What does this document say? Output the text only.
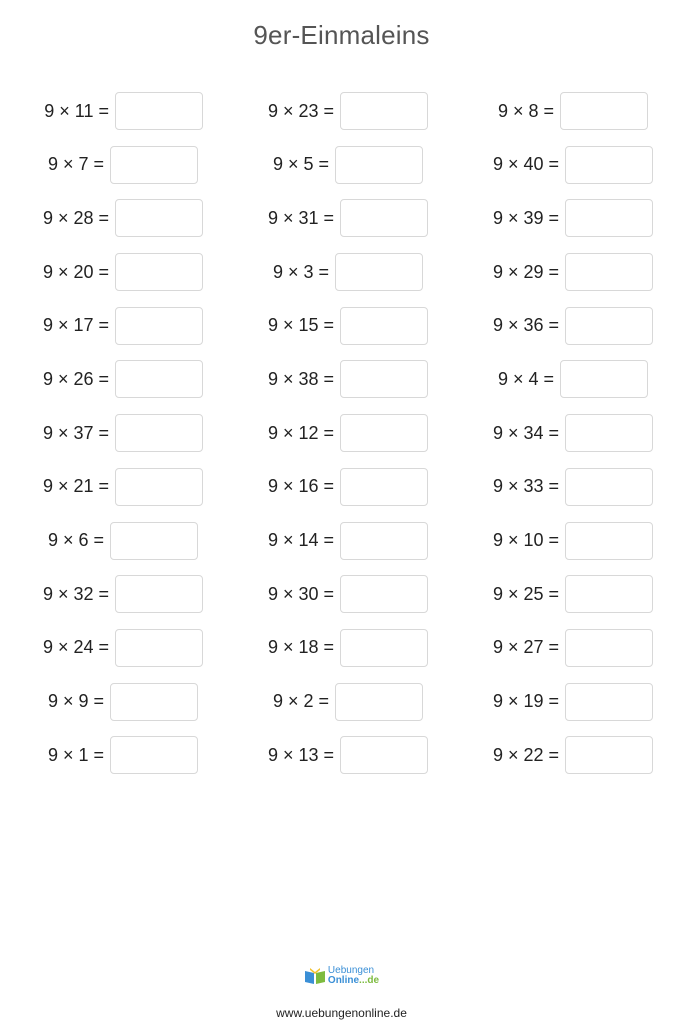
9er-Einmaleins
9 × 11 =	9 × 23 =	9 × 8 =
9 × 7 =	9 × 5 =	9 × 40 =
9 × 28 =	9 × 31 =	9 × 39 =
9 × 20 =	9 × 3 =	9 × 29 =
9 × 17 =	9 × 15 =	9 × 36 =
9 × 26 =	9 × 38 =	9 × 4 =
9 × 37 =	9 × 12 =	9 × 34 =
9 × 21 =	9 × 16 =	9 × 33 =
9 × 6 =	9 × 14 =	9 × 10 =
9 × 32 =	9 × 30 =	9 × 25 =
9 × 24 =	9 × 18 =	9 × 27 =
9 × 9 =	9 × 2 =	9 × 19 =
9 × 1 =	9 × 13 =	9 × 22 =
Uebungen
Online...de
www.uebungenonline.de
